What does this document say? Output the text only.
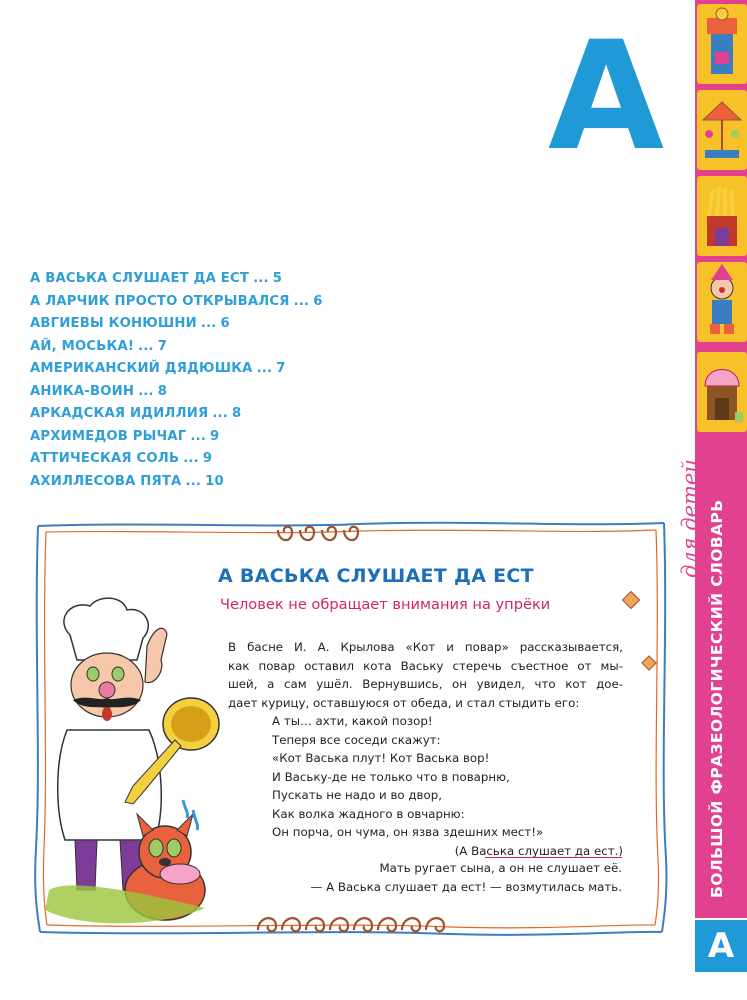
А
А ВАСЬКА СЛУШАЕТ ДА ЕСТ ... 5
А ЛАРЧИК ПРОСТО ОТКРЫВАЛСЯ ... 6
АВГИЕВЫ КОНЮШНИ ... 6
АЙ, МОСЬКА! ... 7
АМЕРИКАНСКИЙ ДЯДЮШКА ... 7
АНИКА-ВОИН ... 8
АРКАДСКАЯ ИДИЛЛИЯ ... 8
АРХИМЕДОВ РЫЧАГ ... 9
АТТИЧЕСКАЯ СОЛЬ ... 9
АХИЛЛЕСОВА ПЯТА ... 10
А ВАСЬКА СЛУШАЕТ ДА ЕСТ
Человек не обращает внимания на упрёки

В басне И. А. Крылова «Кот и повар» рассказывается,

как повар оставил кота Ваську стеречь съестное от мы-

шей, а сам ушёл. Вернувшись, он увидел, что кот доe-

дает курицу, оставшуюся от обеда, и стал стыдить его:

А ты… ахти, какой позор!
Теперя все соседи скажут:
«Кот Васька плут! Кот Васька вор!
И Ваську-де не только что в поварню,
Пускать не надо и во двор,
Как волка жадного в овчарню:
Он порча, он чума, он язва здешних мест!»
(А Васька слушает да ест.)
Мать ругает сына, а он не слушает её.
— А Васька слушает да ест! — возмутилась мать.	БОЛЬШОЙ ФРАЗЕОЛОГИЧЕСКИЙ СЛОВАРЬ
для детей
А
